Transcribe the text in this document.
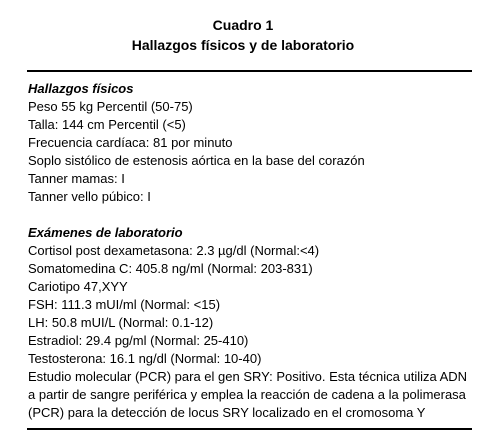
Cuadro 1
Hallazgos físicos y de laboratorio
Hallazgos físicos
Peso 55 kg Percentil (50-75)
Talla: 144 cm Percentil (<5)
Frecuencia cardíaca: 81 por minuto
Soplo sistólico de estenosis aórtica en la base del corazón
Tanner mamas: I
Tanner vello púbico: I
Exámenes de laboratorio
Cortisol post dexametasona: 2.3 µg/dl (Normal:<4)
Somatomedina C: 405.8 ng/ml (Normal: 203-831)
Cariotipo 47,XYY
FSH: 111.3 mUI/ml (Normal: <15)
LH: 50.8 mUI/L (Normal: 0.1-12)
Estradiol: 29.4 pg/ml (Normal: 25-410)
Testosterona: 16.1 ng/dl (Normal: 10-40)
Estudio molecular (PCR) para el gen SRY: Positivo. Esta técnica utiliza ADN a partir de sangre periférica y emplea la reacción de cadena a la polimerasa (PCR) para la detección de locus SRY localizado en el cromosoma Y
